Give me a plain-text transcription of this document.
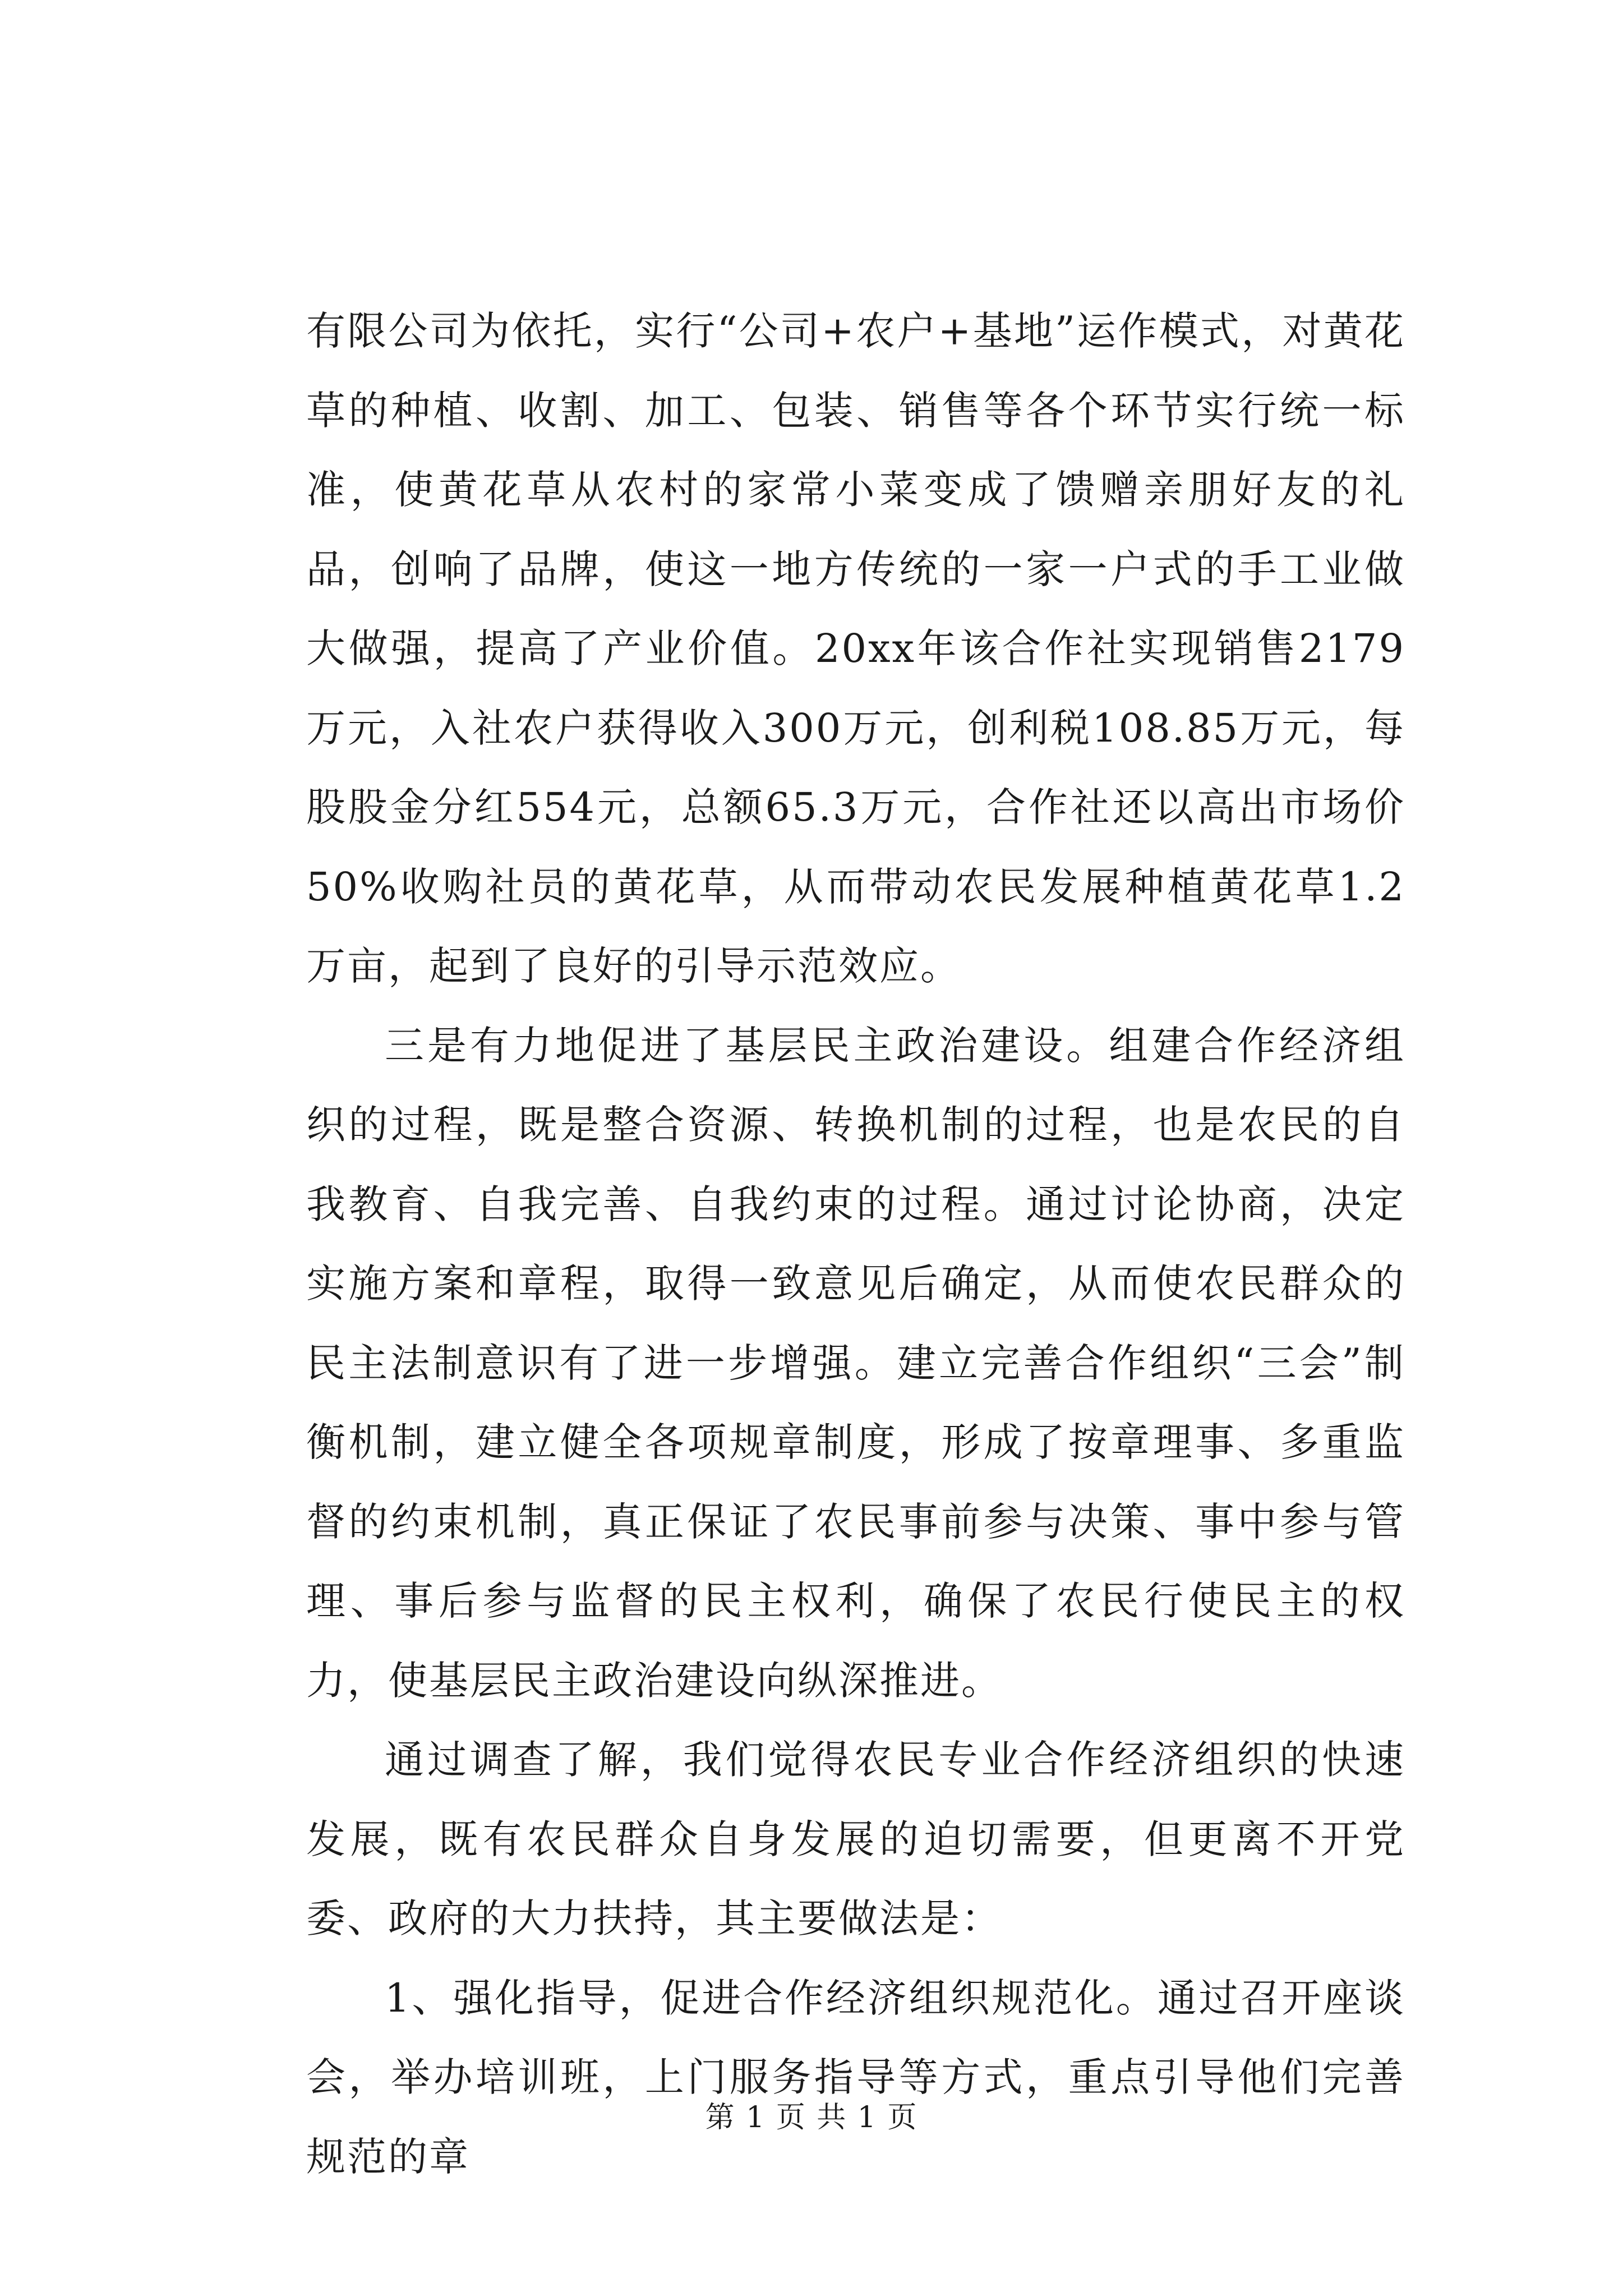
有限公司为依托，实行“公司+农户+基地”运作模式，对黄花草的种植、收割、加工、包装、销售等各个环节实行统一标准，使黄花草从农村的家常小菜变成了馈赠亲朋好友的礼品，创响了品牌，使这一地方传统的一家一户式的手工业做大做强，提高了产业价值。20xx年该合作社实现销售2179万元，入社农户获得收入300万元，创利税108.85万元，每股股金分红554元，总额65.3万元，合作社还以高出市场价50%收购社员的黄花草，从而带动农民发展种植黄花草1.2万亩，起到了良好的引导示范效应。

三是有力地促进了基层民主政治建设。组建合作经济组织的过程，既是整合资源、转换机制的过程，也是农民的自我教育、自我完善、自我约束的过程。通过讨论协商，决定实施方案和章程，取得一致意见后确定，从而使农民群众的民主法制意识有了进一步增强。建立完善合作组织“三会”制衡机制，建立健全各项规章制度，形成了按章理事、多重监督的约束机制，真正保证了农民事前参与决策、事中参与管理、事后参与监督的民主权利，确保了农民行使民主的权力，使基层民主政治建设向纵深推进。

通过调查了解，我们觉得农民专业合作经济组织的快速发展，既有农民群众自身发展的迫切需要，但更离不开党委、政府的大力扶持，其主要做法是：

1、强化指导，促进合作经济组织规范化。通过召开座谈会，举办培训班，上门服务指导等方式，重点引导他们完善规范的章

第 1 页 共 1 页
